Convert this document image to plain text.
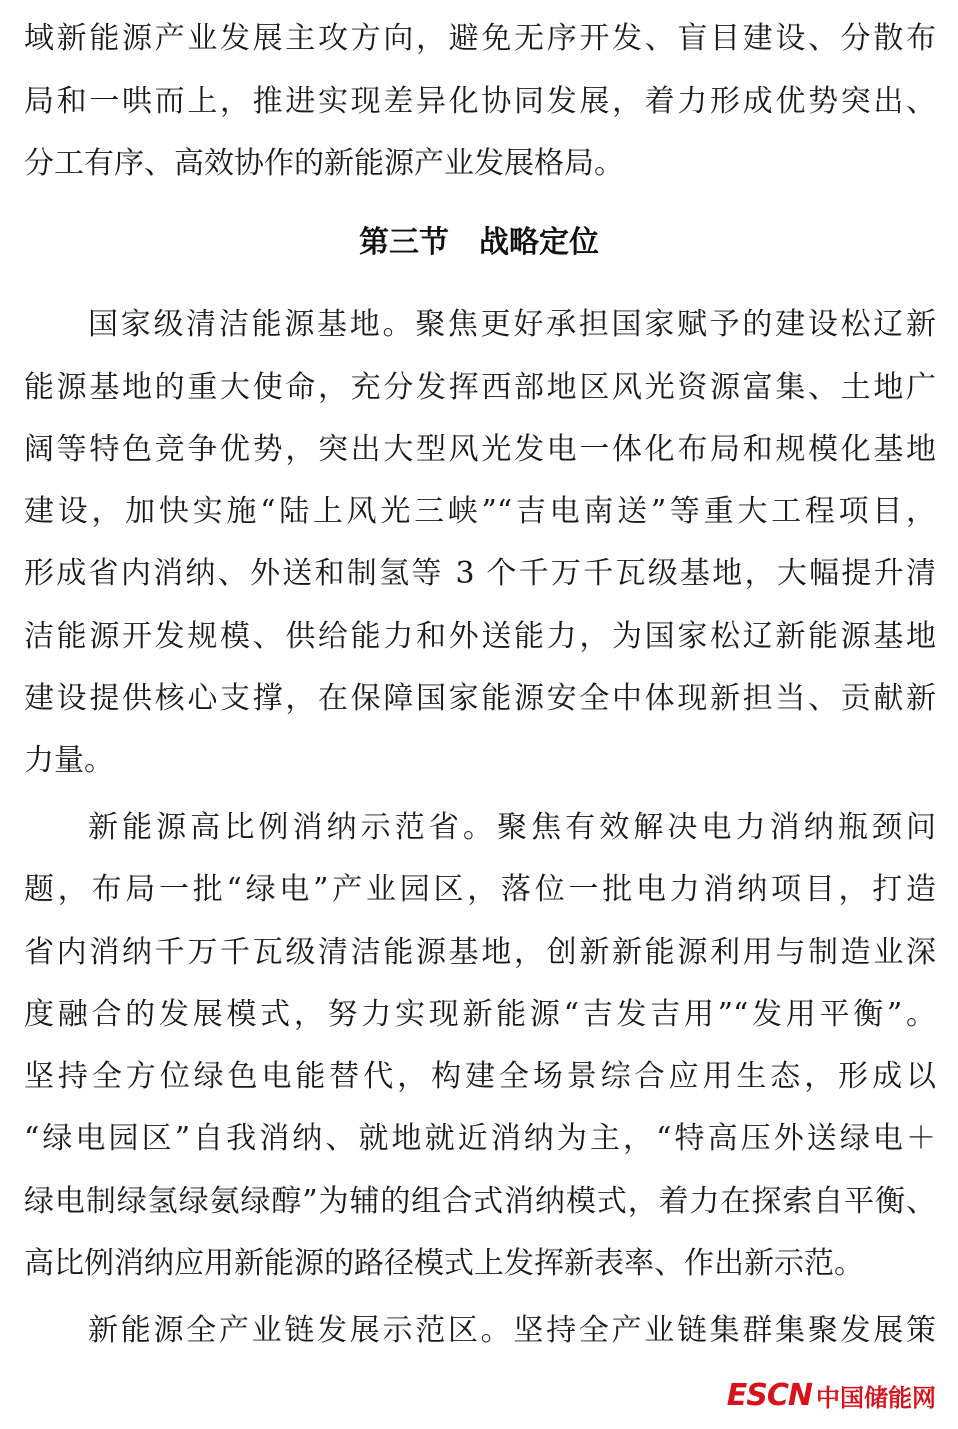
域新能源产业发展主攻方向，避免无序开发、盲目建设、分散布
局和一哄而上，推进实现差异化协同发展，着力形成优势突出、
分工有序、高效协作的新能源产业发展格局。
第三节　战略定位
国家级清洁能源基地。聚焦更好承担国家赋予的建设松辽新
能源基地的重大使命，充分发挥西部地区风光资源富集、土地广
阔等特色竞争优势，突出大型风光发电一体化布局和规模化基地
建设，加快实施“陆上风光三峡”“吉电南送”等重大工程项目，
形成省内消纳、外送和制氢等 3 个千万千瓦级基地，大幅提升清
洁能源开发规模、供给能力和外送能力，为国家松辽新能源基地
建设提供核心支撑，在保障国家能源安全中体现新担当、贡献新
力量。
新能源高比例消纳示范省。聚焦有效解决电力消纳瓶颈问
题，布局一批“绿电”产业园区，落位一批电力消纳项目，打造
省内消纳千万千瓦级清洁能源基地，创新新能源利用与制造业深
度融合的发展模式，努力实现新能源“吉发吉用”“发用平衡”。
坚持全方位绿色电能替代，构建全场景综合应用生态，形成以
“绿电园区”自我消纳、就地就近消纳为主，“特高压外送绿电＋
绿电制绿氢绿氨绿醇”为辅的组合式消纳模式，着力在探索自平衡、
高比例消纳应用新能源的路径模式上发挥新表率、作出新示范。
新能源全产业链发展示范区。坚持全产业链集群集聚发展策
ESCN 中国储能网
